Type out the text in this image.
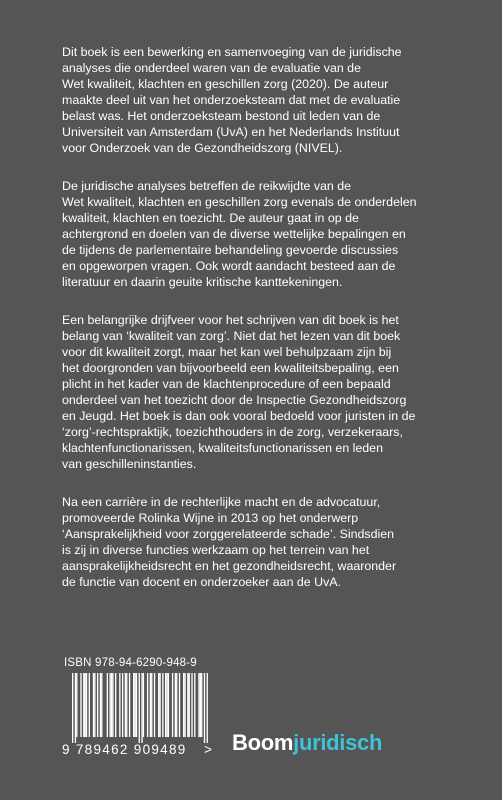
Dit boek is een bewerking en samenvoeging van de juridische
analyses die onderdeel waren van de evaluatie van de
Wet kwaliteit, klachten en geschillen zorg (2020). De auteur
maakte deel uit van het onderzoeksteam dat met de evaluatie
belast was. Het onderzoeksteam bestond uit leden van de
Universiteit van Amsterdam (UvA) en het Nederlands Instituut
voor Onderzoek van de Gezondheidszorg (NIVEL).

De juridische analyses betreffen de reikwijdte van de
Wet kwaliteit, klachten en geschillen zorg evenals de onderdelen
kwaliteit, klachten en toezicht. De auteur gaat in op de
achtergrond en doelen van de diverse wettelijke bepalingen en
de tijdens de parlementaire behandeling gevoerde discussies
en opgeworpen vragen. Ook wordt aandacht besteed aan de
literatuur en daarin geuite kritische kanttekeningen.

Een belangrijke drijfveer voor het schrijven van dit boek is het
belang van ‘kwaliteit van zorg’. Niet dat het lezen van dit boek
voor dit kwaliteit zorgt, maar het kan wel behulpzaam zijn bij
het doorgronden van bijvoorbeeld een kwaliteitsbepaling, een
plicht in het kader van de klachtenprocedure of een bepaald
onderdeel van het toezicht door de Inspectie Gezondheidszorg
en Jeugd. Het boek is dan ook vooral bedoeld voor juristen in de
‘zorg’-rechtspraktijk, toezichthouders in de zorg, verzekeraars,
klachtenfunctionarissen, kwaliteitsfunctionarissen en leden
van geschilleninstanties.

Na een carrière in de rechterlijke macht en de advocatuur,
promoveerde Rolinka Wijne in 2013 op het onderwerp
‘Aansprakelijkheid voor zorggerelateerde schade’. Sindsdien
is zij in diverse functies werkzaam op het terrein van het
aansprakelijkheidsrecht en het gezondheidsrecht, waaronder
de functie van docent en onderzoeker aan de UvA.

ISBN 978-94-6290-948-9
9 789462 909489 > Boomjuridisch
